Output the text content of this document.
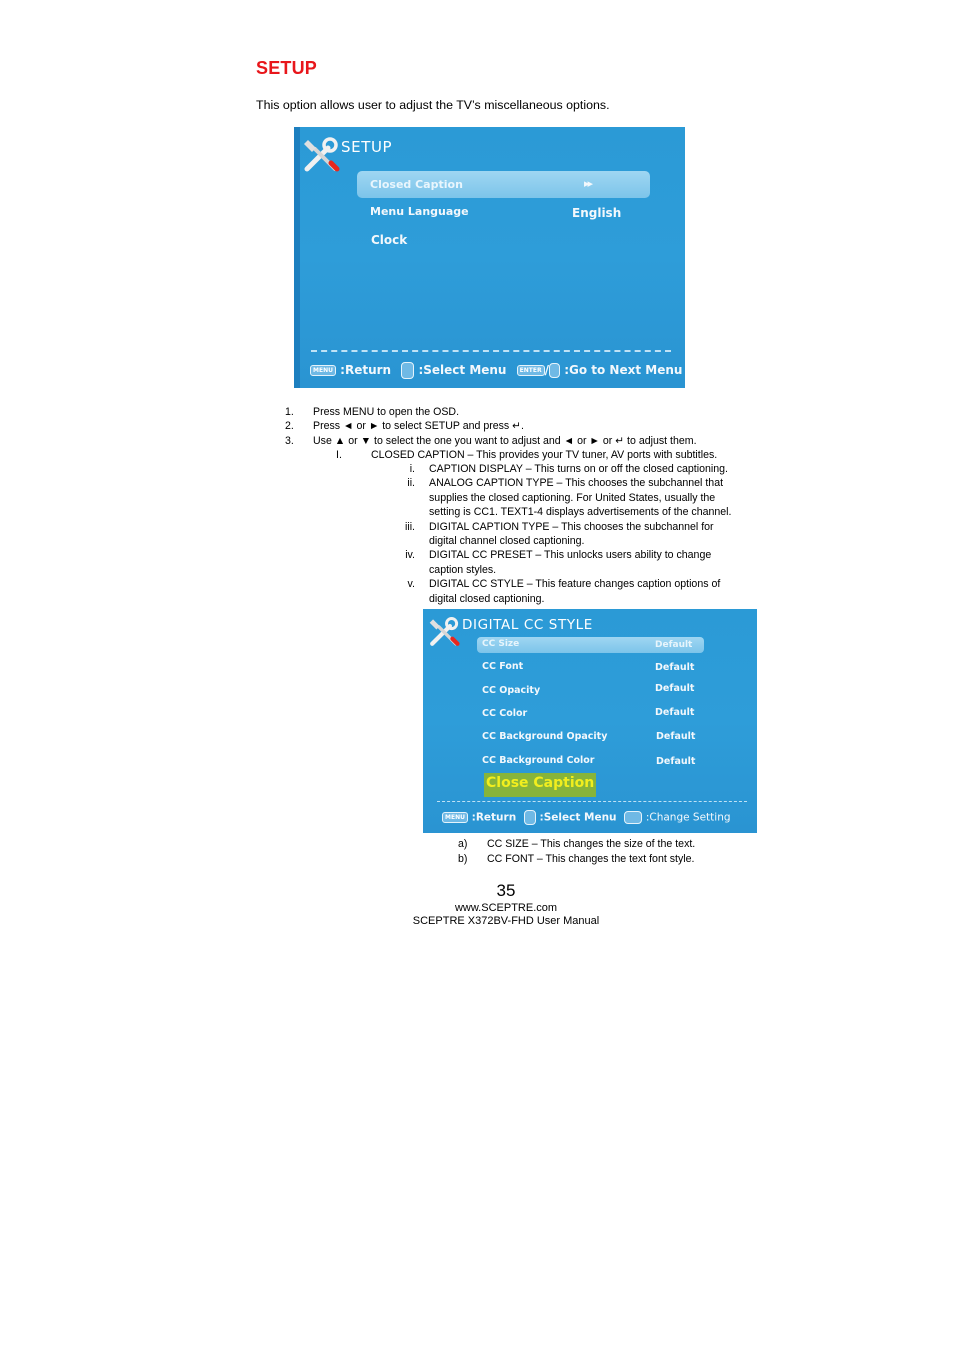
SETUP
This option allows user to adjust the TV’s miscellaneous options.
SETUP
Closed Caption	▸▸
Menu Language	English
Clock
MENU :Return :Select Menu ENTER / :Go to Next Menu
1. Press MENU to open the OSD.
2. Press ◄ or ► to select SETUP and press ↵.
3. Use ▲ or ▼ to select the one you want to adjust and ◄ or ► or ↵ to adjust them.
I.	CLOSED CAPTION – This provides your TV tuner, AV ports with subtitles.
i. CAPTION DISPLAY – This turns on or off the closed captioning.
ii. ANALOG CAPTION TYPE – This chooses the subchannel that
supplies the closed captioning. For United States, usually the
setting is CC1. TEXT1-4 displays advertisements of the channel.
iii. DIGITAL CAPTION TYPE – This chooses the subchannel for
digital channel closed captioning.
iv. DIGITAL CC PRESET – This unlocks users ability to change
caption styles.
v. DIGITAL CC STYLE – This feature changes caption options of
digital closed captioning.
DIGITAL CC STYLE
CC Size	Default
CC Font	Default
CC Opacity	Default
CC Color	Default
CC Background Opacity	Default
CC Background Color	Default
Close Caption
MENU :Return :Select Menu	:Change Setting
a) CC SIZE – This changes the size of the text.
b) CC FONT – This changes the text font style.
35
www.SCEPTRE.com
SCEPTRE X372BV-FHD User Manual
